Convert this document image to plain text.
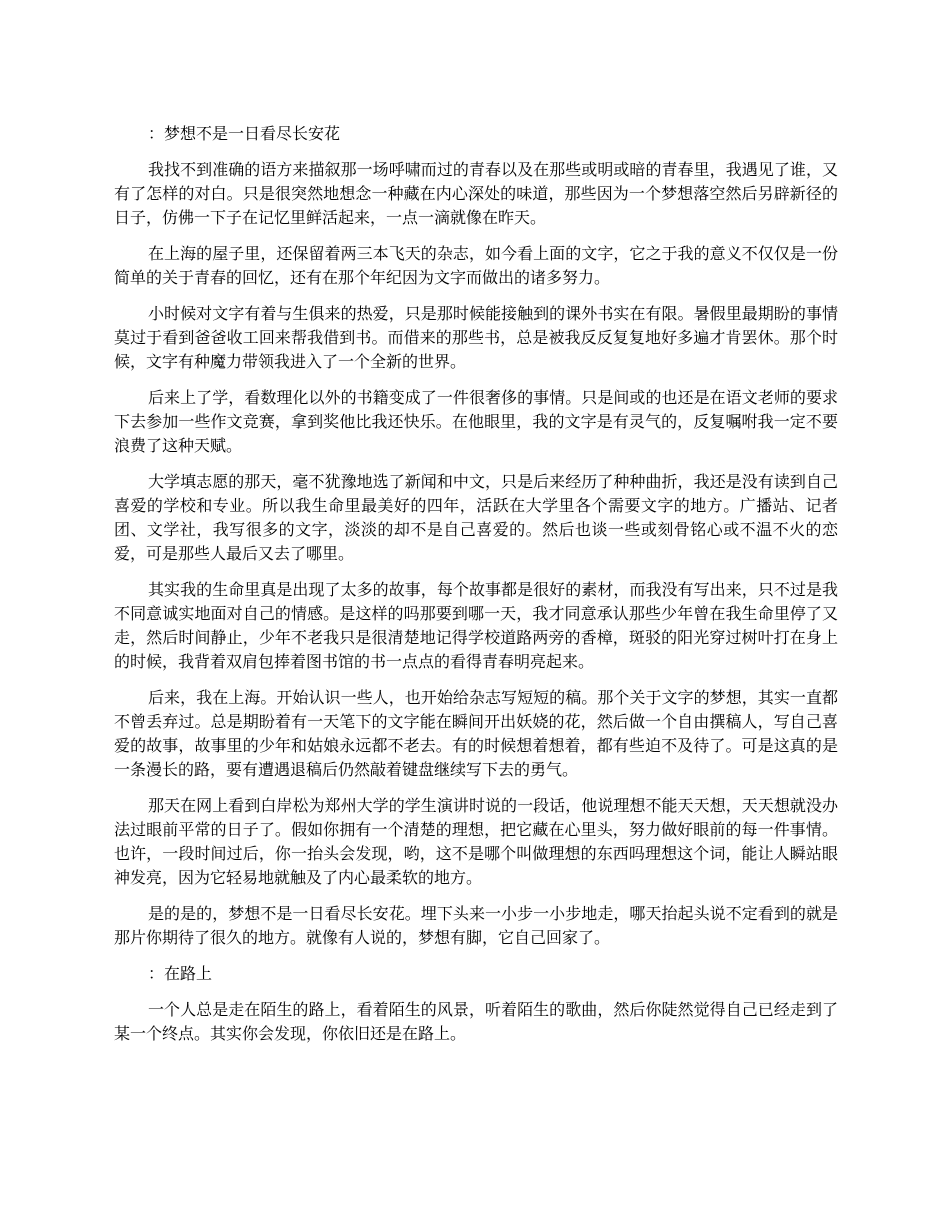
：梦想不是一日看尽长安花

我找不到准确的语方来描叙那一场呼啸而过的青春以及在那些或明或暗的青春里，我遇见了谁，又有了怎样的对白。只是很突然地想念一种藏在内心深处的味道，那些因为一个梦想落空然后另辟新径的日子，仿佛一下子在记忆里鲜活起来，一点一滴就像在昨天。

在上海的屋子里，还保留着两三本飞天的杂志，如今看上面的文字，它之于我的意义不仅仅是一份简单的关于青春的回忆，还有在那个年纪因为文字而做出的诸多努力。

小时候对文字有着与生俱来的热爱，只是那时候能接触到的课外书实在有限。暑假里最期盼的事情莫过于看到爸爸收工回来帮我借到书。而借来的那些书，总是被我反反复复地好多遍才肯罢休。那个时候，文字有种魔力带领我进入了一个全新的世界。

后来上了学，看数理化以外的书籍变成了一件很奢侈的事情。只是间或的也还是在语文老师的要求下去参加一些作文竞赛，拿到奖他比我还快乐。在他眼里，我的文字是有灵气的，反复嘱咐我一定不要浪费了这种天赋。

大学填志愿的那天，毫不犹豫地选了新闻和中文，只是后来经历了种种曲折，我还是没有读到自己喜爱的学校和专业。所以我生命里最美好的四年，活跃在大学里各个需要文字的地方。广播站、记者团、文学社，我写很多的文字，淡淡的却不是自己喜爱的。然后也谈一些或刻骨铭心或不温不火的恋爱，可是那些人最后又去了哪里。

其实我的生命里真是出现了太多的故事，每个故事都是很好的素材，而我没有写出来，只不过是我不同意诚实地面对自己的情感。是这样的吗那要到哪一天，我才同意承认那些少年曾在我生命里停了又走，然后时间静止，少年不老我只是很清楚地记得学校道路两旁的香樟，斑驳的阳光穿过树叶打在身上的时候，我背着双肩包捧着图书馆的书一点点的看得青春明亮起来。

后来，我在上海。开始认识一些人，也开始给杂志写短短的稿。那个关于文字的梦想，其实一直都不曾丢弃过。总是期盼着有一天笔下的文字能在瞬间开出妖娆的花，然后做一个自由撰稿人，写自己喜爱的故事，故事里的少年和姑娘永远都不老去。有的时候想着想着，都有些迫不及待了。可是这真的是一条漫长的路，要有遭遇退稿后仍然敲着键盘继续写下去的勇气。

那天在网上看到白岸松为郑州大学的学生演讲时说的一段话，他说理想不能天天想，天天想就没办法过眼前平常的日子了。假如你拥有一个清楚的理想，把它藏在心里头，努力做好眼前的每一件事情。也许，一段时间过后，你一抬头会发现，哟，这不是哪个叫做理想的东西吗理想这个词，能让人瞬站眼神发亮，因为它轻易地就触及了内心最柔软的地方。

是的是的，梦想不是一日看尽长安花。埋下头来一小步一小步地走，哪天抬起头说不定看到的就是那片你期待了很久的地方。就像有人说的，梦想有脚，它自己回家了。

：在路上

一个人总是走在陌生的路上，看着陌生的风景，听着陌生的歌曲，然后你陡然觉得自己已经走到了某一个终点。其实你会发现，你依旧还是在路上。
